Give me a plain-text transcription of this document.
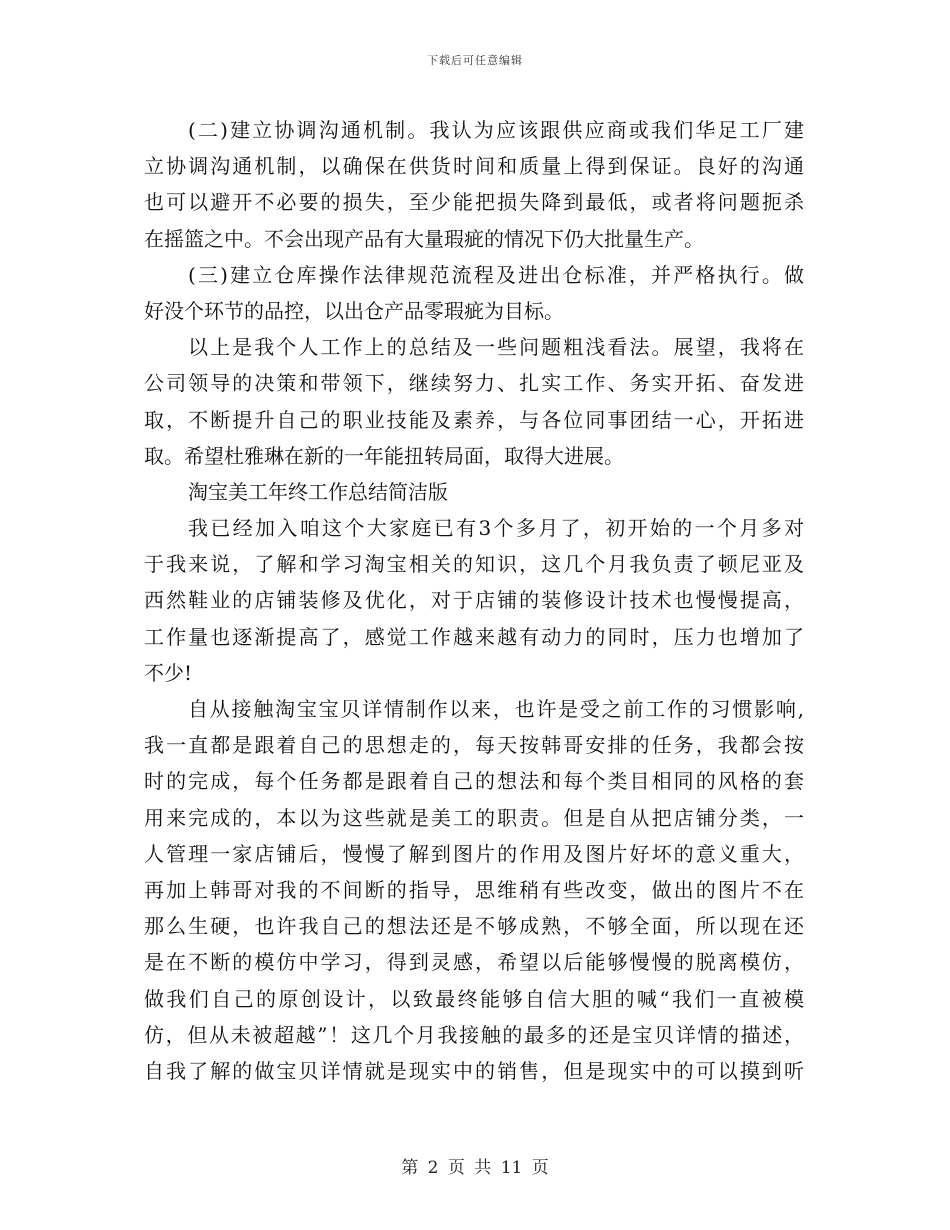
下载后可任意编辑
(二)建立协调沟通机制。我认为应该跟供应商或我们华足工厂建
立协调沟通机制，以确保在供货时间和质量上得到保证。良好的沟通
也可以避开不必要的损失，至少能把损失降到最低，或者将问题扼杀
在摇篮之中。不会出现产品有大量瑕疵的情况下仍大批量生产。
(三)建立仓库操作法律规范流程及进出仓标准，并严格执行。做
好没个环节的品控，以出仓产品零瑕疵为目标。
以上是我个人工作上的总结及一些问题粗浅看法。展望，我将在
公司领导的决策和带领下，继续努力、扎实工作、务实开拓、奋发进
取，不断提升自己的职业技能及素养，与各位同事团结一心，开拓进
取。希望杜雅琳在新的一年能扭转局面，取得大进展。
淘宝美工年终工作总结简洁版
我已经加入咱这个大家庭已有3个多月了，初开始的一个月多对
于我来说，了解和学习淘宝相关的知识，这几个月我负责了顿尼亚及
西然鞋业的店铺装修及优化，对于店铺的装修设计技术也慢慢提高，
工作量也逐渐提高了，感觉工作越来越有动力的同时，压力也增加了
不少!
自从接触淘宝宝贝详情制作以来，也许是受之前工作的习惯影响,
我一直都是跟着自己的思想走的，每天按韩哥安排的任务，我都会按
时的完成，每个任务都是跟着自己的想法和每个类目相同的风格的套
用来完成的，本以为这些就是美工的职责。但是自从把店铺分类，一
人管理一家店铺后，慢慢了解到图片的作用及图片好坏的意义重大，
再加上韩哥对我的不间断的指导，思维稍有些改变，做出的图片不在
那么生硬，也许我自己的想法还是不够成熟，不够全面，所以现在还
是在不断的模仿中学习，得到灵感，希望以后能够慢慢的脱离模仿，
做我们自己的原创设计，以致最终能够自信大胆的喊“我们一直被模
仿，但从未被超越”！这几个月我接触的最多的还是宝贝详情的描述，
自我了解的做宝贝详情就是现实中的销售，但是现实中的可以摸到听
第 2 页 共 11 页
